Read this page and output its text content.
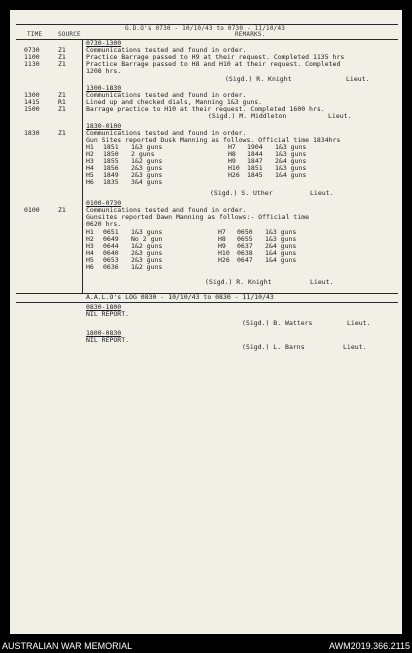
G.D.O's 0730 - 10/10/43 to 0730 - 11/10/43
TIME	SOURCE	REMARKS.
0730-1300
0730	Z1	Communications tested and found in order.
1100	Z1	Practice Barrage passed to H9 at their request. Completed 1135 hrs
1130	Z1	Practice Barrage passed to H8 and H10 at their request. Completed
1208 hrs.
(Sigd.) R. Knight	Lieut.
1300-1830
1300	Z1	Communications tested and found in order.
1415	R1	Lined up and checked dials, Manning 1&3 guns.
1500	Z1	Barrage practice to H10 at their request. Completed 1600 hrs.
(Sigd.) M. Middleton	Lieut.
1830-0100
1830	Z1	Communications tested and found in order.
Gun Sites reported Dusk Manning as follows. Official time 1834hrs
H1 1851 1&3 guns
H2 1850 2 guns
H3 1855 1&2 guns
H4 1856 2&3 guns
H5 1849 2&3 guns
H6 1835 3&4 guns
H7 1904 1&3 guns
H8 1844 1&3 guns
H9 1847 2&4 guns
H10 1851 1&3 guns
H26 1845 1&4 guns
(Sigd.) S. Uther	Lieut.
0100-0730
0100	Z1	Communications tested and found in order.
Gunsites reported Dawn Manning as follows:- Official time
0620 hrs.
H1 0651 1&3 guns
H2 0649 No 2 gun
H3 0644 1&2 guns
H4 0640 2&3 guns
H5 0653 2&3 guns
H6 0636 1&2 guns
H7 0650 1&3 guns
H8 0655 1&3 guns
H9 0637 2&4 guns
H10 0638 1&4 guns
H26 0647 1&4 guns
(Sigd.) R. Knight	Lieut.
A.A.L.O's LOG 0830 - 10/10/43 to 0830 - 11/10/43
0830-1800
NIL REPORT.
(Sigd.) B. Watters	Lieut.
1800-0830
NIL REPORT.
(Sigd.) L. Barns	Lieut.
AUSTRALIAN WAR MEMORIAL	AWM2019.366.2115
